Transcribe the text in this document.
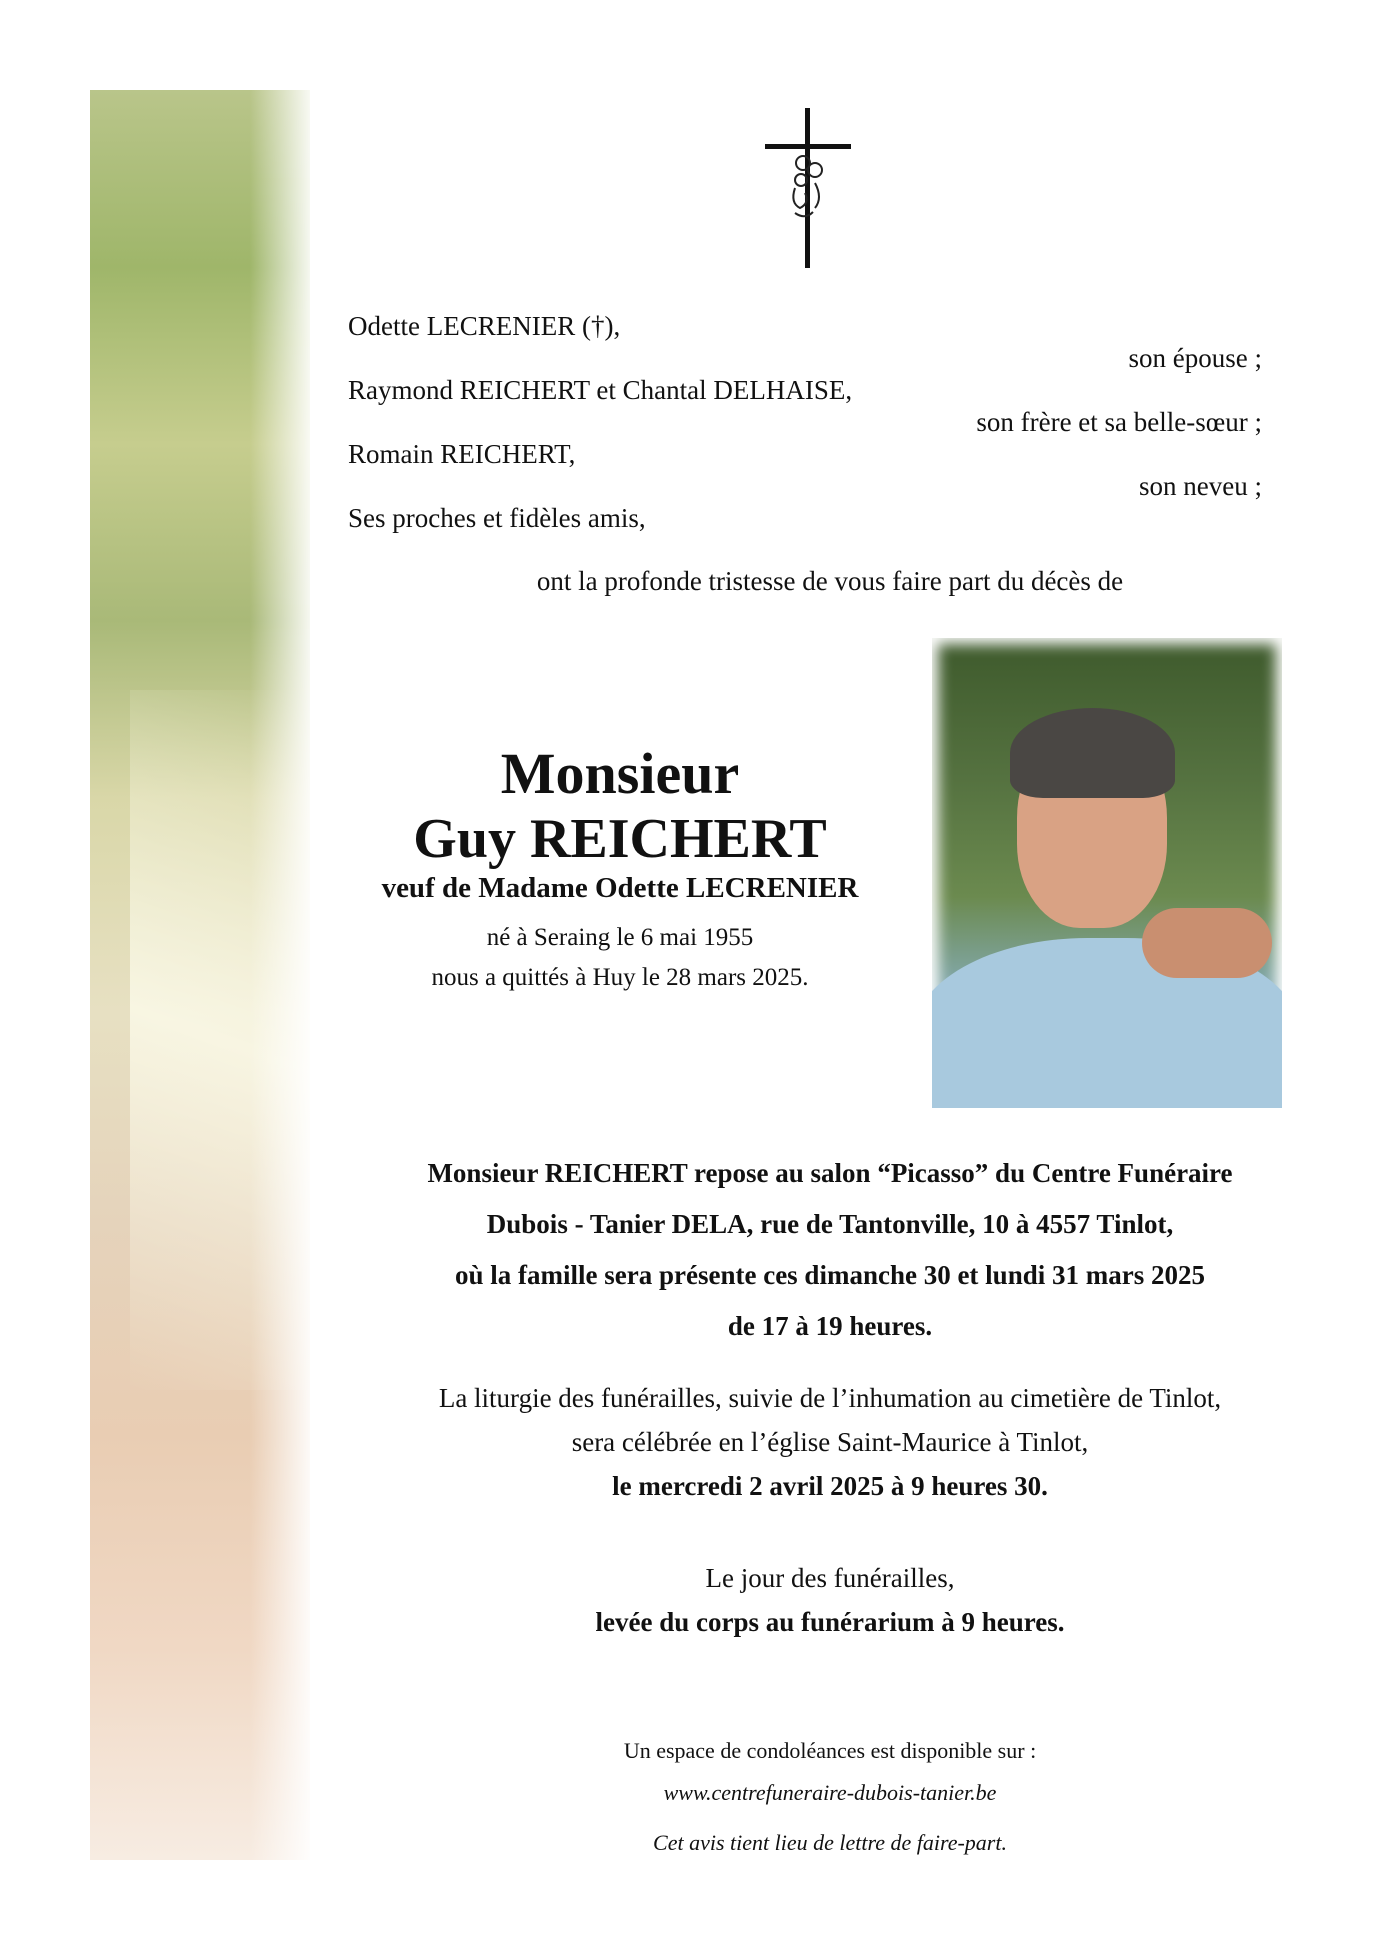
Odette LECRENIER (†),
son épouse ;
Raymond REICHERT et Chantal DELHAISE,
son frère et sa belle-sœur ;
Romain REICHERT,
son neveu ;
Ses proches et fidèles amis,
ont la profonde tristesse de vous faire part du décès de
Monsieur
Guy REICHERT
veuf de Madame Odette LECRENIER
né à Seraing le 6 mai 1955
nous a quittés à Huy le 28 mars 2025.
Monsieur REICHERT repose au salon “Picasso” du Centre Funéraire
Dubois - Tanier DELA, rue de Tantonville, 10 à 4557 Tinlot,
où la famille sera présente ces dimanche 30 et lundi 31 mars 2025
de 17 à 19 heures.
La liturgie des funérailles, suivie de l’inhumation au cimetière de Tinlot,
sera célébrée en l’église Saint-Maurice à Tinlot,
le mercredi 2 avril 2025 à 9 heures 30.
Le jour des funérailles,
levée du corps au funérarium à 9 heures.
Un espace de condoléances est disponible sur :
www.centrefuneraire-dubois-tanier.be
Cet avis tient lieu de lettre de faire-part.
